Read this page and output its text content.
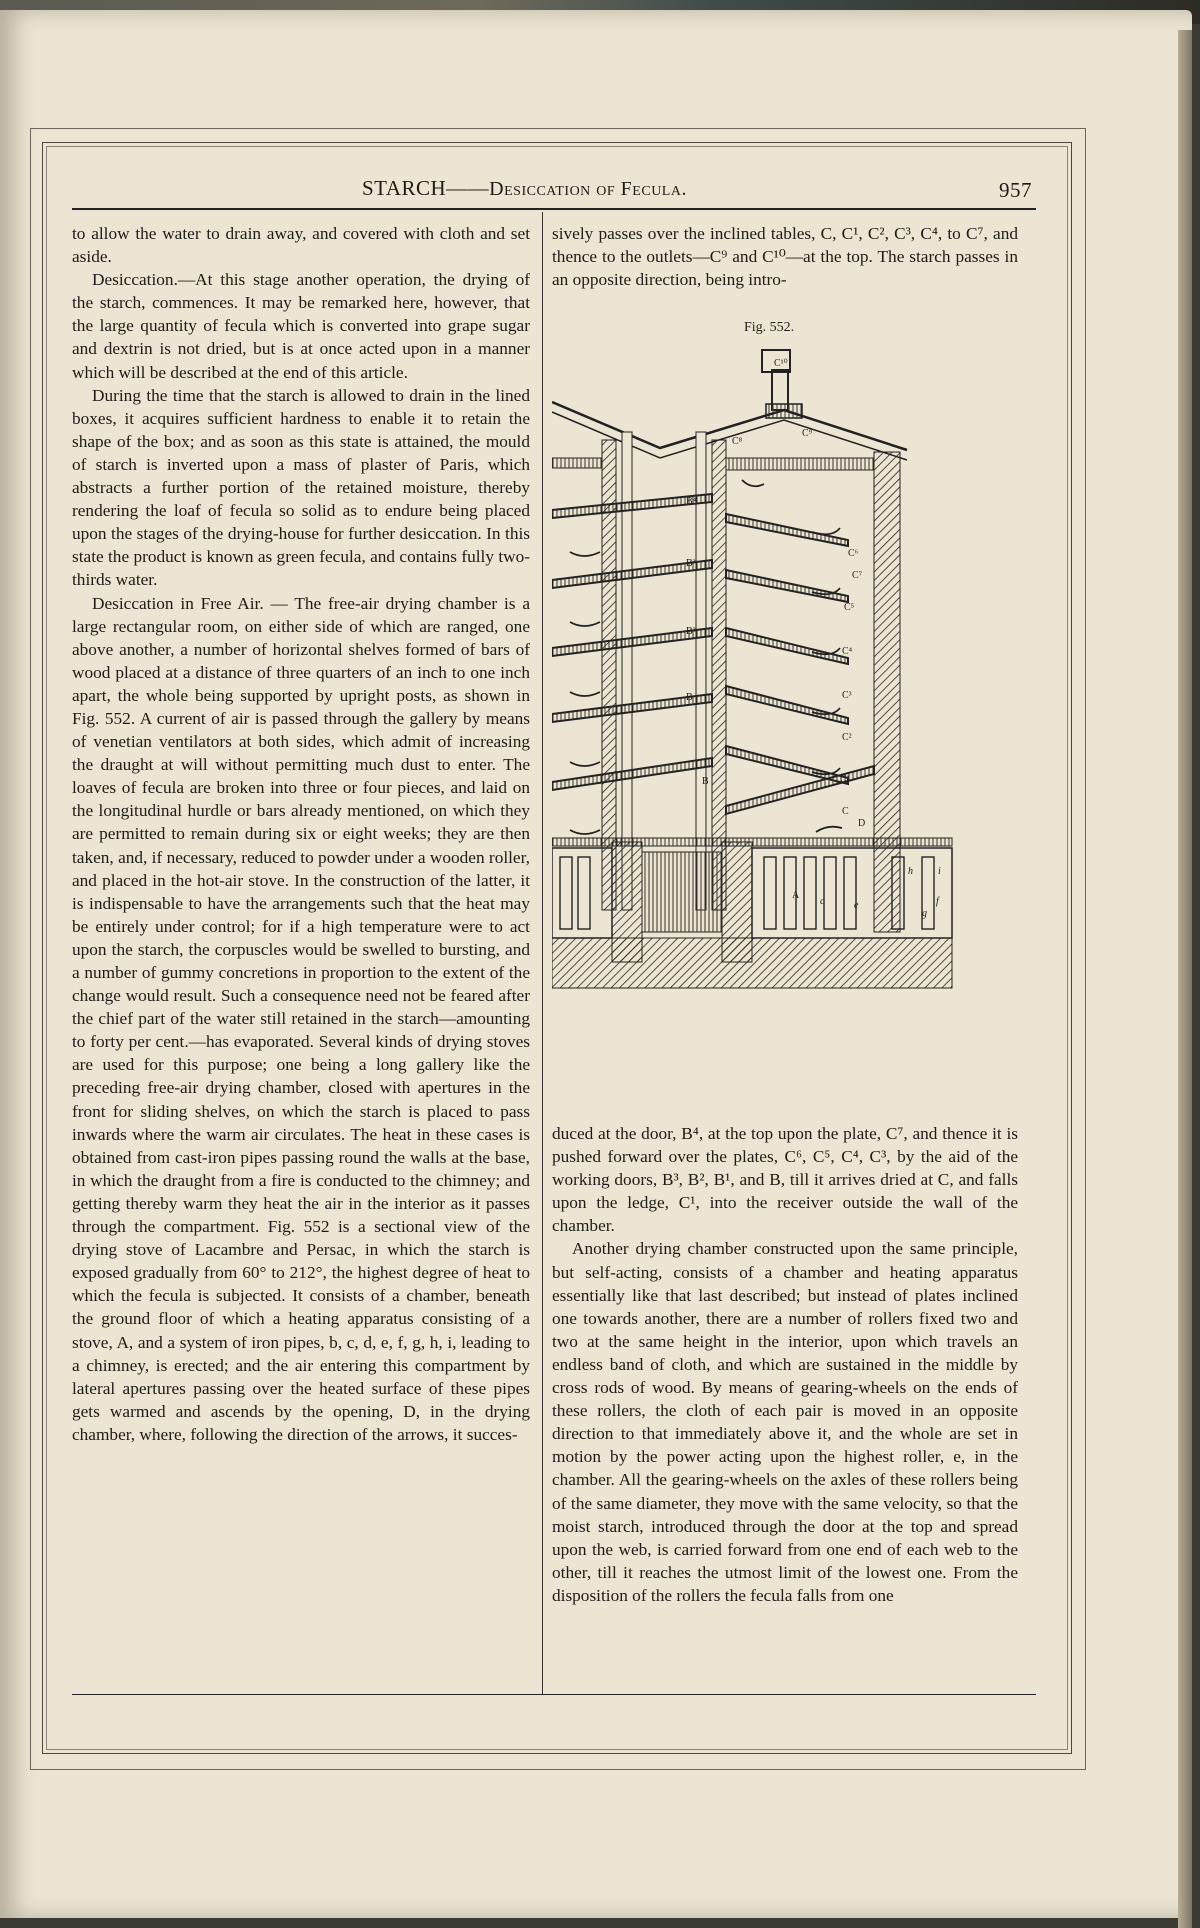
STARCH——Desiccation of Fecula.	957

to allow the water to drain away, and covered with cloth and set aside.

Desiccation.—At this stage another operation, the drying of the starch, commences. It may be remarked here, however, that the large quantity of fecula which is converted into grape sugar and dextrin is not dried, but is at once acted upon in a manner which will be described at the end of this article.

During the time that the starch is allowed to drain in the lined boxes, it acquires sufficient hardness to enable it to retain the shape of the box; and as soon as this state is attained, the mould of starch is inverted upon a mass of plaster of Paris, which abstracts a further portion of the retained moisture, thereby rendering the loaf of fecula so solid as to endure being placed upon the stages of the drying-house for further desiccation. In this state the product is known as green fecula, and contains fully two-thirds water.

Desiccation in Free Air. — The free-air drying chamber is a large rectangular room, on either side of which are ranged, one above another, a number of horizontal shelves formed of bars of wood placed at a distance of three quarters of an inch to one inch apart, the whole being supported by upright posts, as shown in Fig. 552. A current of air is passed through the gallery by means of venetian ventilators at both sides, which admit of increasing the draught at will without permitting much dust to enter. The loaves of fecula are broken into three or four pieces, and laid on the longitudinal hurdle or bars already mentioned, on which they are permitted to remain during six or eight weeks; they are then taken, and, if necessary, reduced to powder under a wooden roller, and placed in the hot-air stove. In the construction of the latter, it is indispensable to have the arrangements such that the heat may be entirely under control; for if a high temperature were to act upon the starch, the corpuscles would be swelled to bursting, and a number of gummy concretions in proportion to the extent of the change would result. Such a consequence need not be feared after the chief part of the water still retained in the starch—amounting to forty per cent.—has evaporated. Several kinds of drying stoves are used for this purpose; one being a long gallery like the preceding free-air drying chamber, closed with apertures in the front for sliding shelves, on which the starch is placed to pass inwards where the warm air circulates. The heat in these cases is obtained from cast-iron pipes passing round the walls at the base, in which the draught from a fire is conducted to the chimney; and getting thereby warm they heat the air in the interior as it passes through the compartment. Fig. 552 is a sectional view of the drying stove of Lacambre and Persac, in which the starch is exposed gradually from 60° to 212°, the highest degree of heat to which the fecula is subjected. It consists of a chamber, beneath the ground floor of which a heating apparatus consisting of a stove, A, and a system of iron pipes, b, c, d, e, f, g, h, i, leading to a chimney, is erected; and the air entering this compartment by lateral apertures passing over the heated surface of these pipes gets warmed and ascends by the opening, D, in the drying chamber, where, following the direction of the arrows, it succes-

sively passes over the inclined tables, C, C¹, C², C³, C⁴, to C⁷, and thence to the outlets—C⁹ and C¹⁰—at the top. The starch passes in an opposite direction, being intro-

Fig. 552.
C¹⁰
C⁹
C⁸
C⁷
C⁶
C⁵
C⁴
C³
C²
C¹
C
B⁴
B³
B²
B
B
D
A
h	i
f
g
c	e

duced at the door, B⁴, at the top upon the plate, C⁷, and thence it is pushed forward over the plates, C⁶, C⁵, C⁴, C³, by the aid of the working doors, B³, B², B¹, and B, till it arrives dried at C, and falls upon the ledge, C¹, into the receiver outside the wall of the chamber.

Another drying chamber constructed upon the same principle, but self-acting, consists of a chamber and heating apparatus essentially like that last described; but instead of plates inclined one towards another, there are a number of rollers fixed two and two at the same height in the interior, upon which travels an endless band of cloth, and which are sustained in the middle by cross rods of wood. By means of gearing-wheels on the ends of these rollers, the cloth of each pair is moved in an opposite direction to that immediately above it, and the whole are set in motion by the power acting upon the highest roller, e, in the chamber. All the gearing-wheels on the axles of these rollers being of the same diameter, they move with the same velocity, so that the moist starch, introduced through the door at the top and spread upon the web, is carried forward from one end of each web to the other, till it reaches the utmost limit of the lowest one. From the disposition of the rollers the fecula falls from one
